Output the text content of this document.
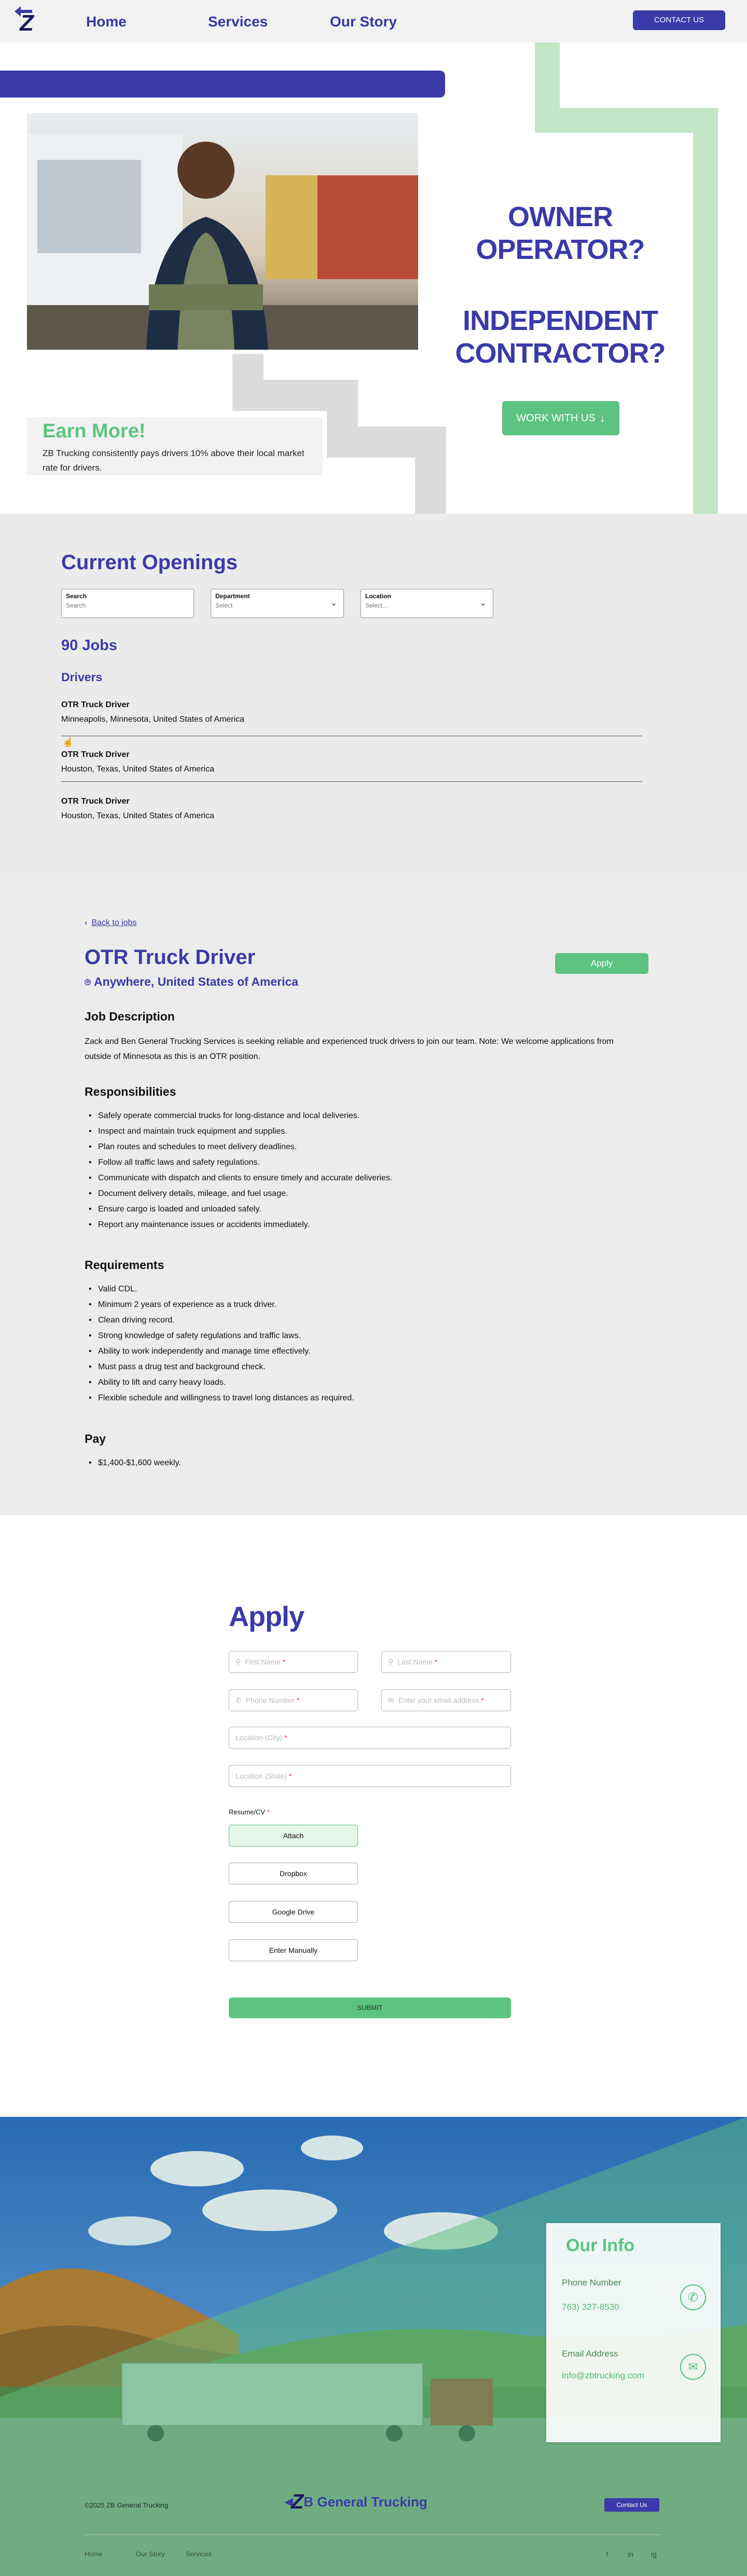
Z	Home	Services	Our Story	CONTACT US
Earn More!
ZB Trucking consistently pays drivers 10% above their local market rate for drivers.
OWNER
OPERATOR?
INDEPENDENT
CONTRACTOR?
WORK WITH US ↓
Current Openings
Search
Search
Department
Select	⌄
Location
Select...	⌄
90 Jobs
Drivers
OTR Truck Driver
Minneapolis, Minnesota, United States of America
☝
OTR Truck Driver
Houston, Texas, United States of America
OTR Truck Driver
Houston, Texas, United States of America
‹ Back to jobs
OTR Truck Driver
⌾ Anywhere, United States of America
Apply
Job Description
Zack and Ben General Trucking Services is seeking reliable and experienced truck drivers to join our team. Note: We welcome applications from outside of Minnesota as this is an OTR position.
Responsibilities
• Safely operate commercial trucks for long-distance and local deliveries.
• Inspect and maintain truck equipment and supplies.
• Plan routes and schedules to meet delivery deadlines.
• Follow all traffic laws and safety regulations.
• Communicate with dispatch and clients to ensure timely and accurate deliveries.
• Document delivery details, mileage, and fuel usage.
• Ensure cargo is loaded and unloaded safely.
• Report any maintenance issues or accidents immediately.
Requirements
• Valid CDL.
• Minimum 2 years of experience as a truck driver.
• Clean driving record.
• Strong knowledge of safety regulations and traffic laws.
• Ability to work independently and manage time effectively.
• Must pass a drug test and background check.
• Ability to lift and carry heavy loads.
• Flexible schedule and willingness to travel long distances as required.
Pay
• $1,400-$1,600 weekly.
Apply
⚲ First Name *	⚲ Last Name *
✆ Phone Number *	✉ Enter your email address *
Location (City) *
Location (State) *
Resume/CV *
Attach
Dropbox
Google Drive
Enter Manually
SUBMIT
Our Info
Phone Number
763) 327-8530
✆
Email Address
info@zbtrucking.com
✉
©2025 ZB General Trucking	◀
Z B General Trucking	Contact Us
Home	Our Story	Services	f	in ig
